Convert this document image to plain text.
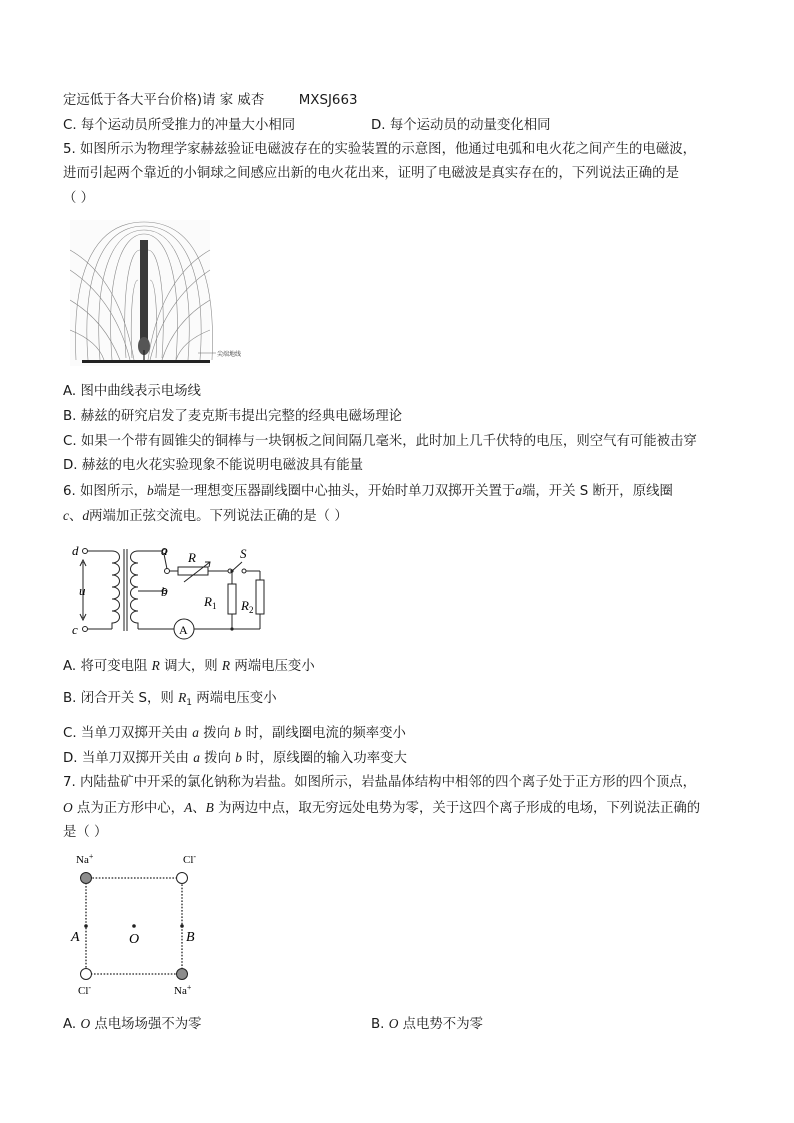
定远低于各大平台价格)请 家 威杏	MXSJ663

C. 每个运动员所受推力的冲量大小相同	D. 每个运动员的动量变化相同

5. 如图所示为物理学家赫兹验证电磁波存在的实验装置的示意图，他通过电弧和电火花之间产生的电磁波，

进而引起两个靠近的小铜球之间感应出新的电火花出来，证明了电磁波是真实存在的，下列说法正确的是

（ ）

尖端地线

A. 图中曲线表示电场线

B. 赫兹的研究启发了麦克斯韦提出完整的经典电磁场理论

C. 如果一个带有圆锥尖的铜棒与一块钢板之间间隔几毫米，此时加上几千伏特的电压，则空气有可能被击穿

D. 赫兹的电火花实验现象不能说明电磁波具有能量

6. 如图所示，b端是一理想变压器副线圈中心抽头，开始时单刀双掷开关置于a端，开关 S 断开，原线圈

c、d两端加正弦交流电。下列说法正确的是（ ）

d
c
u
a
b
R	S
$R_1$ $R_2$
A

A. 将可变电阻 R 调大，则 R 两端电压变小

B. 闭合开关 S，则 $R_1$ 两端电压变小

C. 当单刀双掷开关由 a 拨向 b 时，副线圈电流的频率变小

D. 当单刀双掷开关由 a 拨向 b 时，原线圈的输入功率变大

7. 内陆盐矿中开采的氯化钠称为岩盐。如图所示，岩盐晶体结构中相邻的四个离子处于正方形的四个顶点，

O 点为正方形中心，A、B 为两边中点，取无穷远处电势为零，关于这四个离子形成的电场，下列说法正确的

是（ ）

Na+	Cl-
Cl-	Na+
A	B
O

A. O 点电场场强不为零	B. O 点电势不为零
